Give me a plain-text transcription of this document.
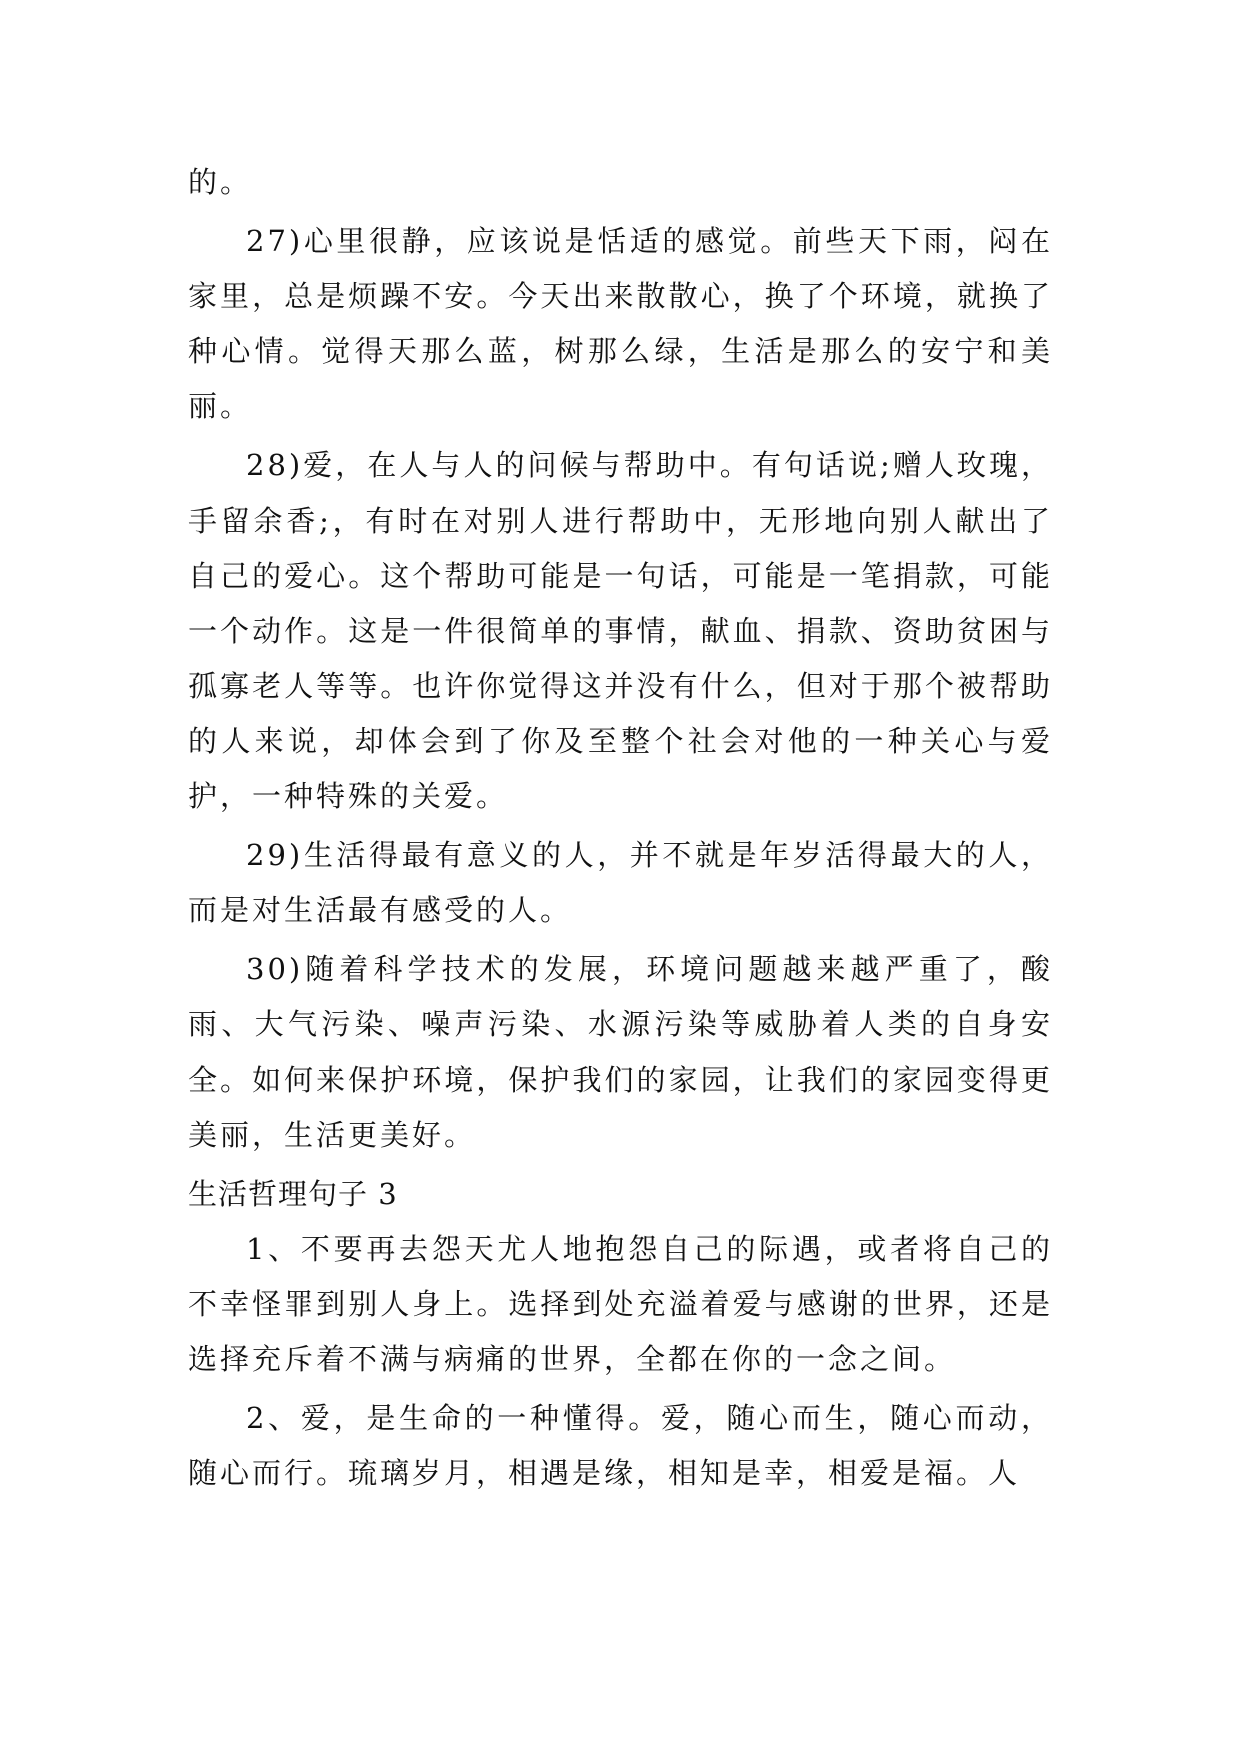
的。

27)心里很静，应该说是恬适的感觉。前些天下雨，闷在家里，总是烦躁不安。今天出来散散心，换了个环境，就换了种心情。觉得天那么蓝，树那么绿，生活是那么的安宁和美丽。

28)爱，在人与人的问候与帮助中。有句话说;赠人玫瑰，手留余香;，有时在对别人进行帮助中，无形地向别人献出了自己的爱心。这个帮助可能是一句话，可能是一笔捐款，可能一个动作。这是一件很简单的事情，献血、捐款、资助贫困与孤寡老人等等。也许你觉得这并没有什么，但对于那个被帮助的人来说，却体会到了你及至整个社会对他的一种关心与爱护，一种特殊的关爱。

29)生活得最有意义的人，并不就是年岁活得最大的人，而是对生活最有感受的人。

30)随着科学技术的发展，环境问题越来越严重了，酸雨、大气污染、噪声污染、水源污染等威胁着人类的自身安全。如何来保护环境，保护我们的家园，让我们的家园变得更美丽，生活更美好。

生活哲理句子 3

1、不要再去怨天尤人地抱怨自己的际遇，或者将自己的不幸怪罪到别人身上。选择到处充溢着爱与感谢的世界，还是选择充斥着不满与病痛的世界，全都在你的一念之间。

2、爱，是生命的一种懂得。爱，随心而生，随心而动，随心而行。琉璃岁月，相遇是缘，相知是幸，相爱是福。人
